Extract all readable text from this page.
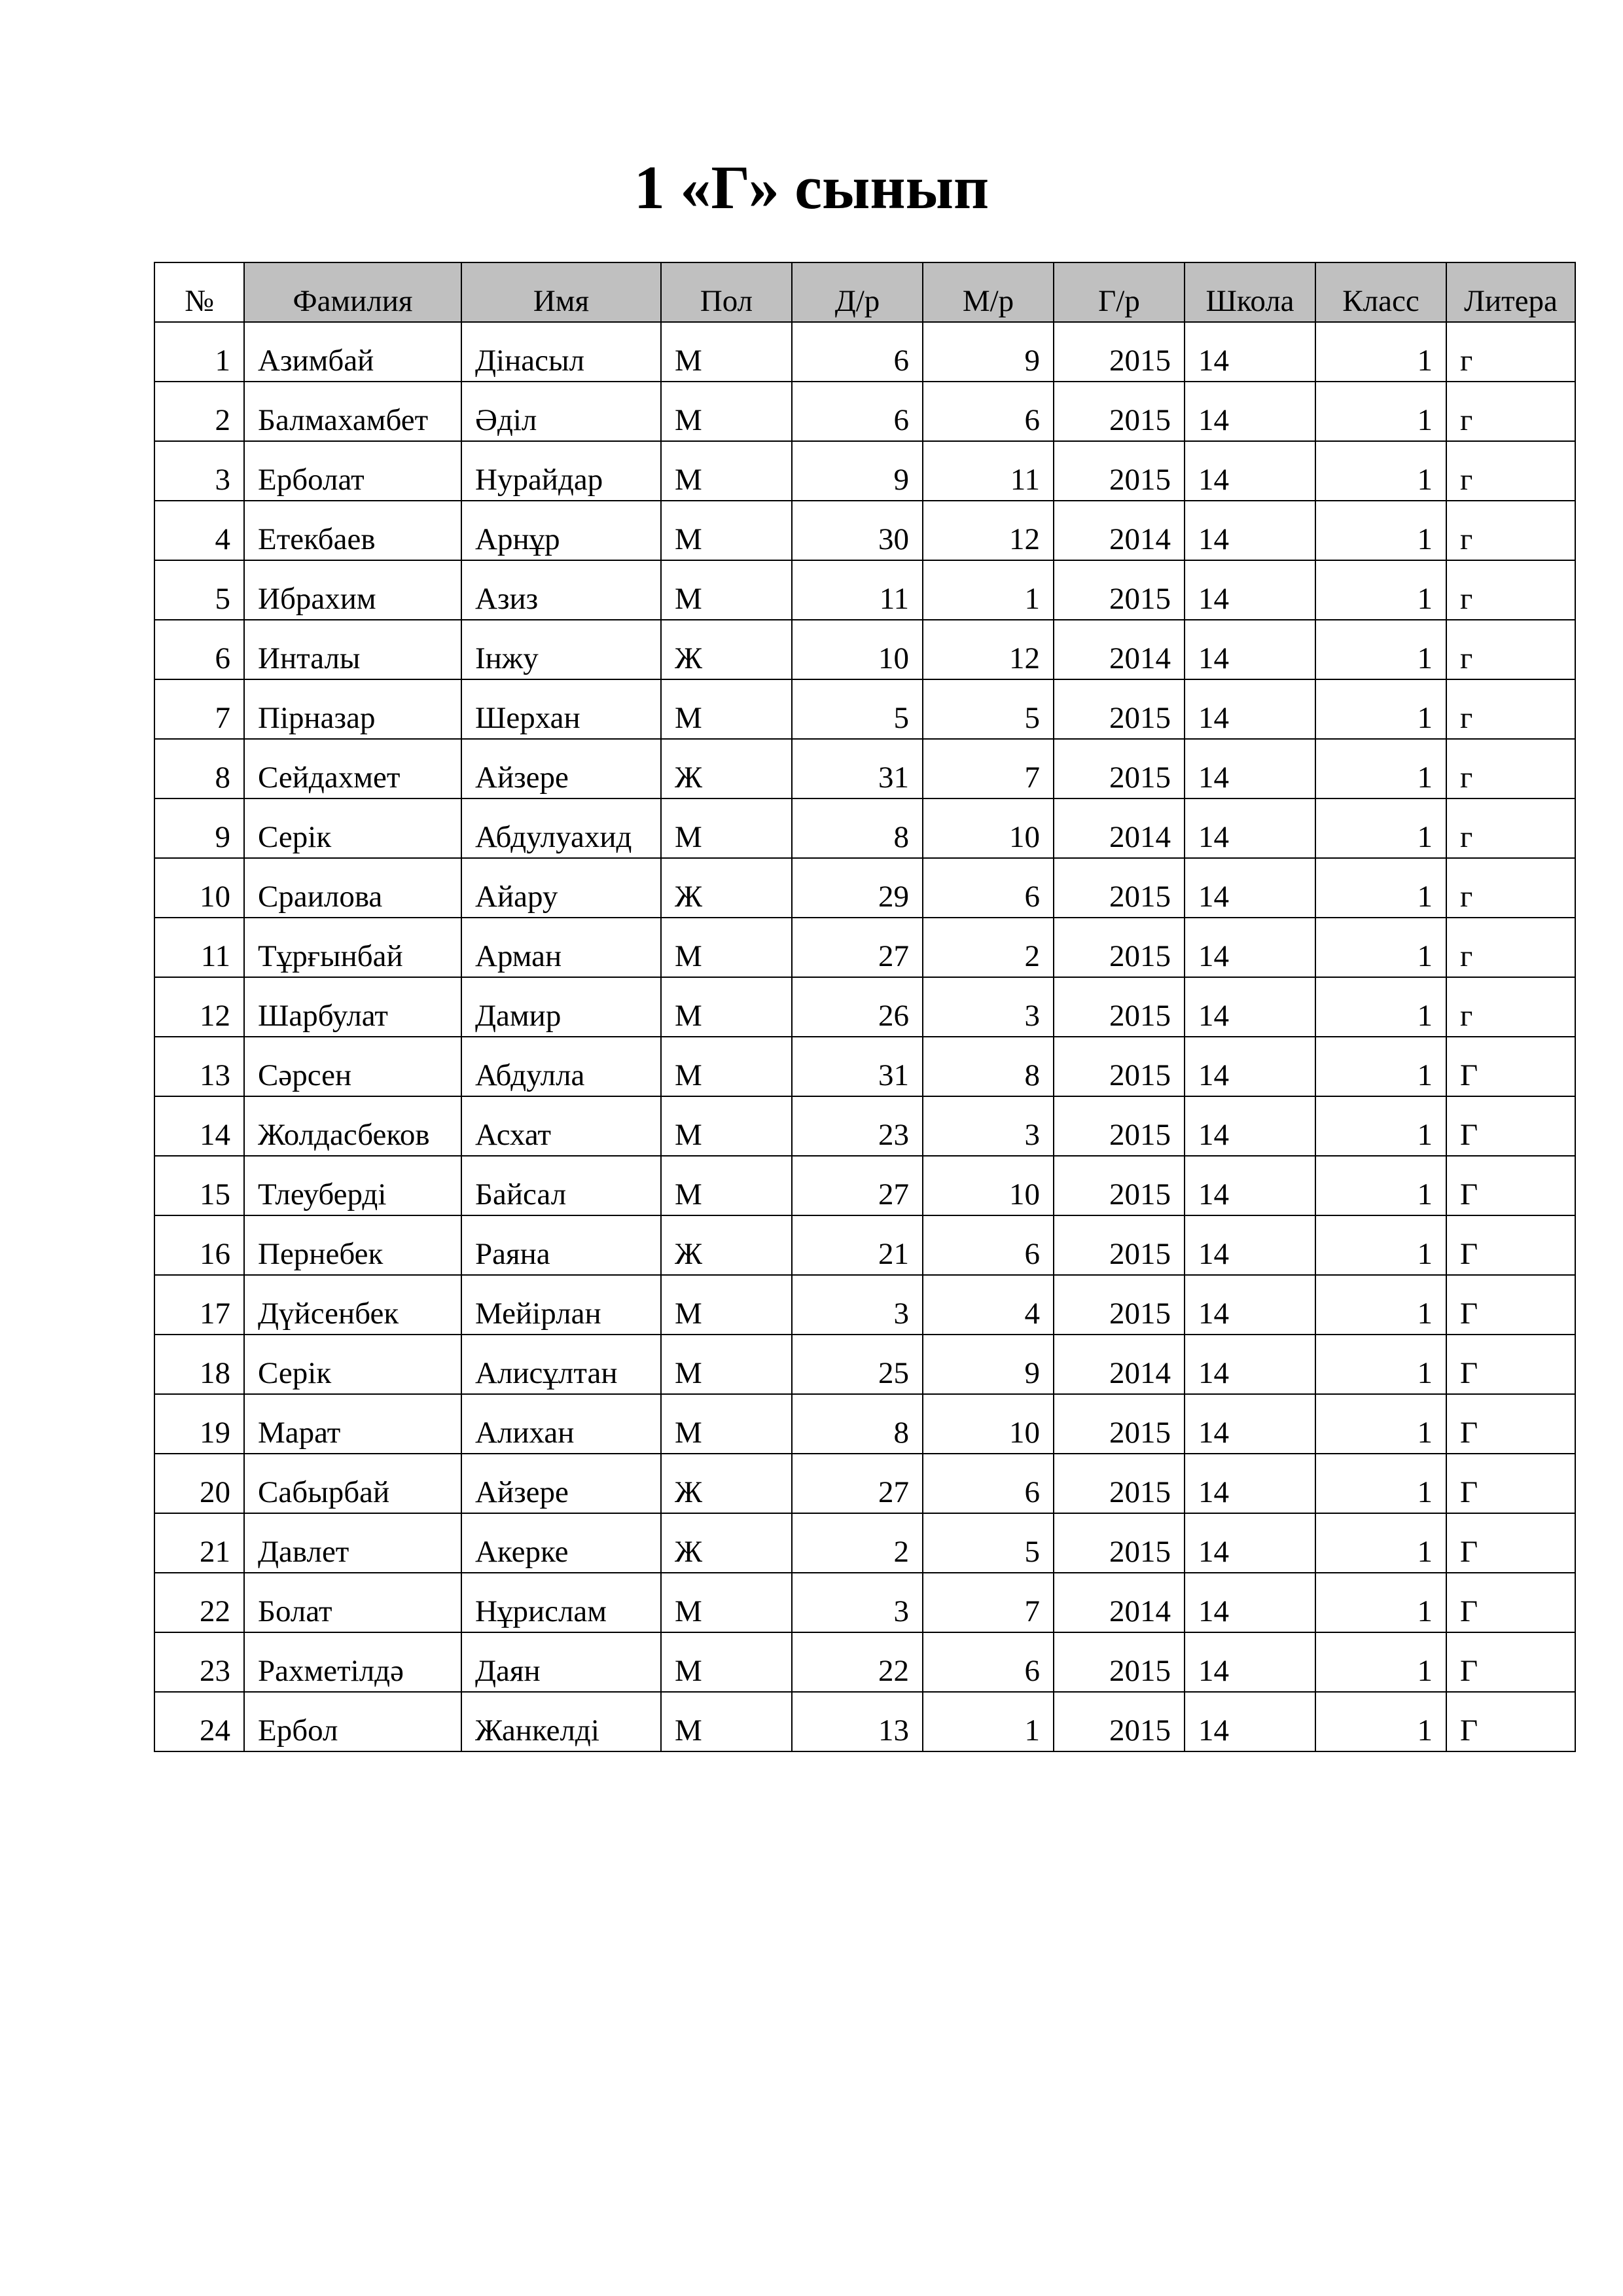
1 «Г» сынып
№	Фамилия	Имя	Пол	Д/р	М/р	Г/р	Школа	Класс	Литера
1	Азимбай	Дінасыл	М	6	9	2015	14	1	г
2	Балмахамбет	Әділ	М	6	6	2015	14	1	г
3	Ерболат	Нурайдар	М	9	11	2015	14	1	г
4	Етекбаев	Арнұр	М	30	12	2014	14	1	г
5	Ибрахим	Азиз	М	11	1	2015	14	1	г
6	Инталы	Інжу	Ж	10	12	2014	14	1	г
7	Пірназар	Шерхан	М	5	5	2015	14	1	г
8	Сейдахмет	Айзере	Ж	31	7	2015	14	1	г
9	Серік	Абдулуахид	М	8	10	2014	14	1	г
10	Сраилова	Айару	Ж	29	6	2015	14	1	г
11	Тұрғынбай	Арман	М	27	2	2015	14	1	г
12	Шарбулат	Дамир	М	26	3	2015	14	1	г
13	Сәрсен	Абдулла	М	31	8	2015	14	1	Г
14	Жолдасбеков	Асхат	М	23	3	2015	14	1	Г
15	Тлеуберді	Байсал	М	27	10	2015	14	1	Г
16	Пернебек	Раяна	Ж	21	6	2015	14	1	Г
17	Дүйсенбек	Мейірлан	М	3	4	2015	14	1	Г
18	Серік	Алисұлтан	М	25	9	2014	14	1	Г
19	Марат	Алихан	М	8	10	2015	14	1	Г
20	Сабырбай	Айзере	Ж	27	6	2015	14	1	Г
21	Давлет	Акерке	Ж	2	5	2015	14	1	Г
22	Болат	Нұрислам	М	3	7	2014	14	1	Г
23	Рахметілдә	Даян	М	22	6	2015	14	1	Г
24	Ербол	Жанкелді	М	13	1	2015	14	1	Г
